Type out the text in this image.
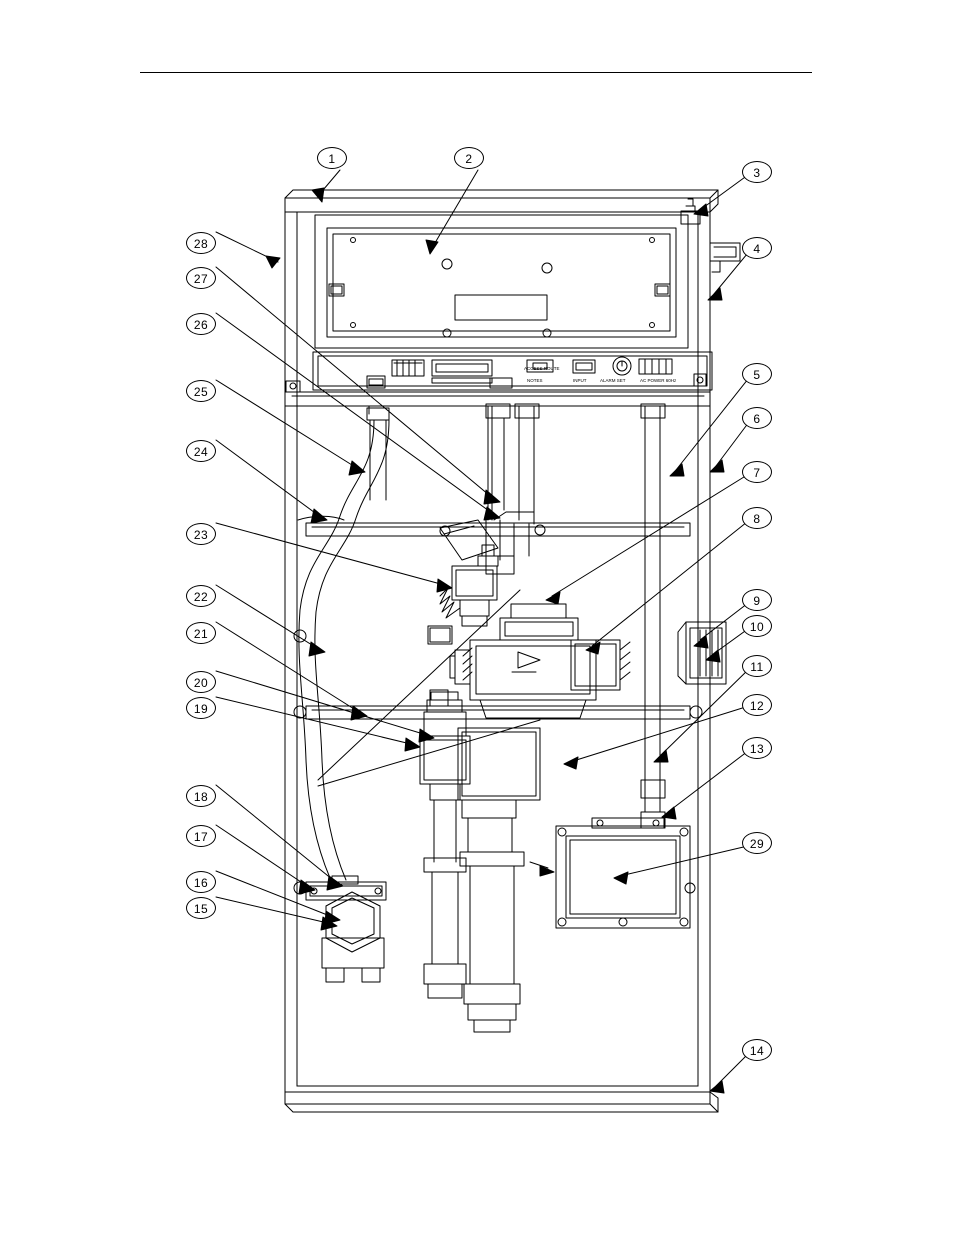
NOTES	INPUT
ACCESS ROUTE
ALARM SET	AC POWER 60Hz
1	2
3
4
5
6
7
8
9
10
11
12
13
14
15
16
17
18
19
20
21
22
23
24
25
26
27
28
29
